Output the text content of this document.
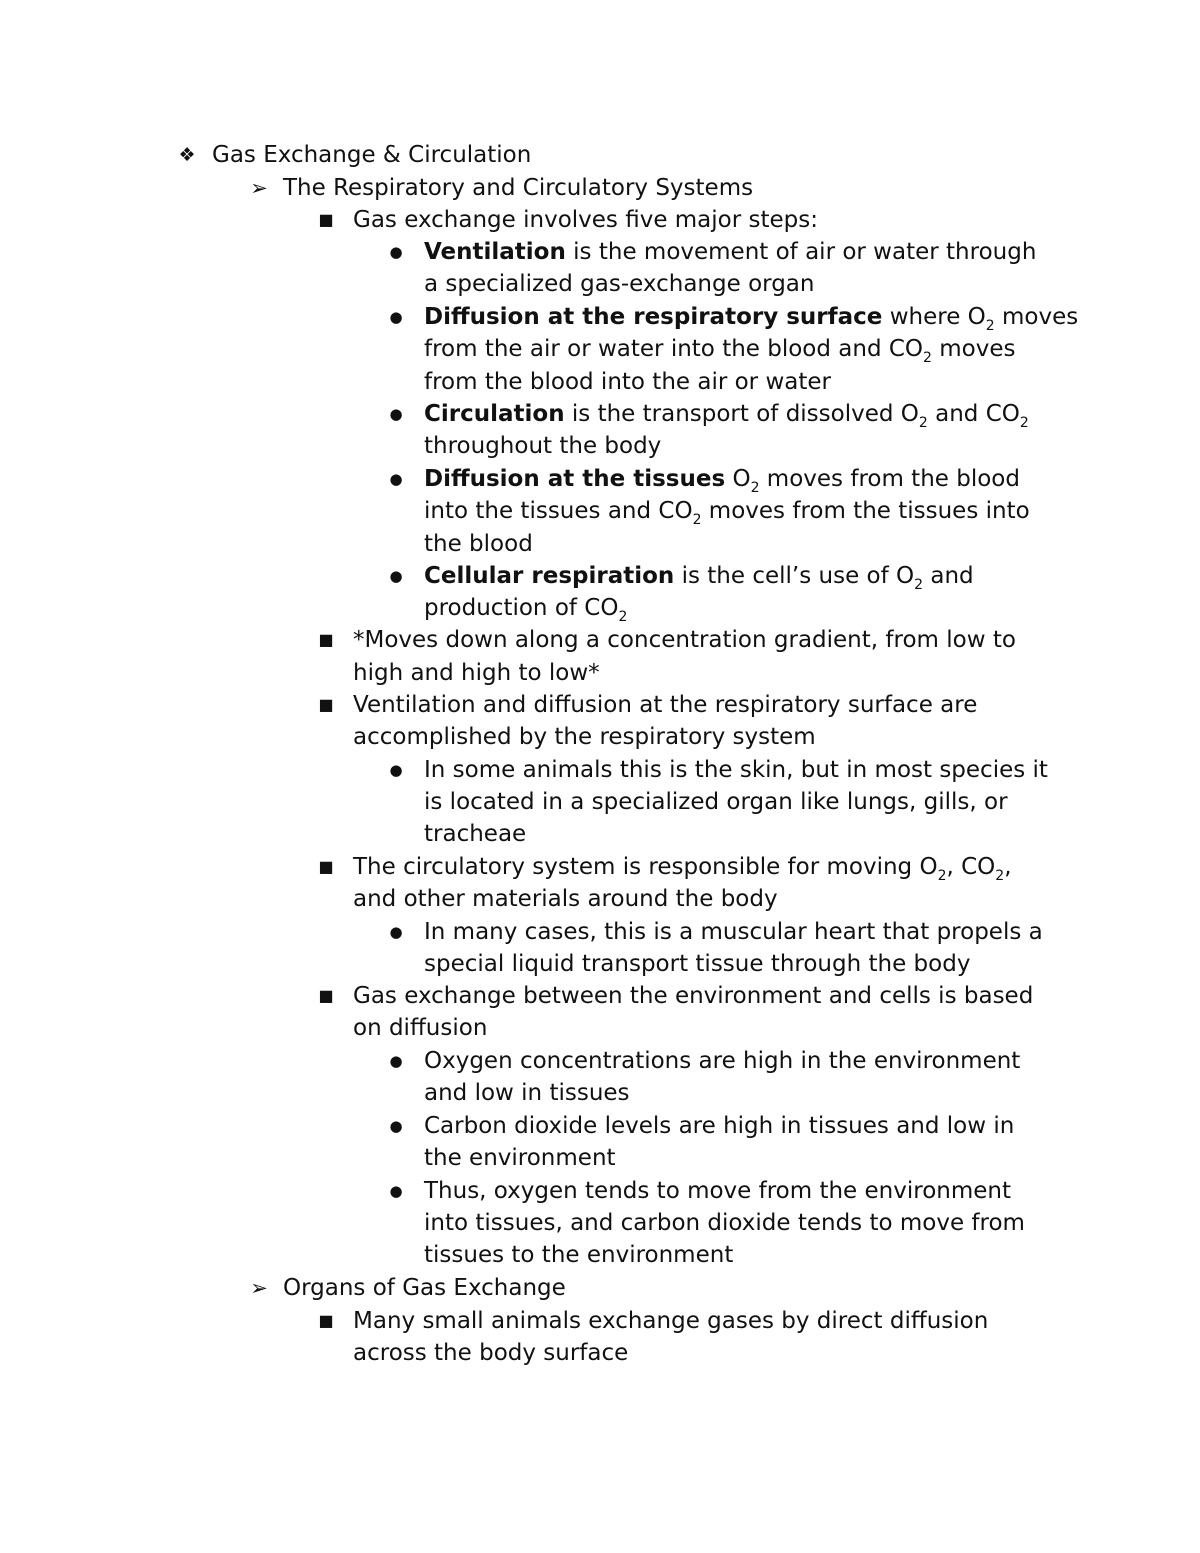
❖ Gas Exchange & Circulation
➢ The Respiratory and Circulatory Systems
■ Gas exchange involves five major steps:
● Ventilation is the movement of air or water through
a specialized gas-exchange organ
● Diffusion at the respiratory surface where $O_2$ moves
from the air or water into the blood and $CO_2$ moves
from the blood into the air or water
● Circulation is the transport of dissolved $O_2$ and $CO_2$
throughout the body
● Diffusion at the tissues $O_2$ moves from the blood
into the tissues and $CO_2$ moves from the tissues into
the blood
● Cellular respiration is the cell’s use of $O_2$ and
production of $CO_2$
■ *Moves down along a concentration gradient, from low to
high and high to low*
■ Ventilation and diffusion at the respiratory surface are
accomplished by the respiratory system
● In some animals this is the skin, but in most species it
is located in a specialized organ like lungs, gills, or
tracheae
■ The circulatory system is responsible for moving $O_2$, $CO_2$,
and other materials around the body
● In many cases, this is a muscular heart that propels a
special liquid transport tissue through the body
■ Gas exchange between the environment and cells is based
on diffusion
● Oxygen concentrations are high in the environment
and low in tissues
● Carbon dioxide levels are high in tissues and low in
the environment
● Thus, oxygen tends to move from the environment
into tissues, and carbon dioxide tends to move from
tissues to the environment
➢ Organs of Gas Exchange
■ Many small animals exchange gases by direct diffusion
across the body surface
